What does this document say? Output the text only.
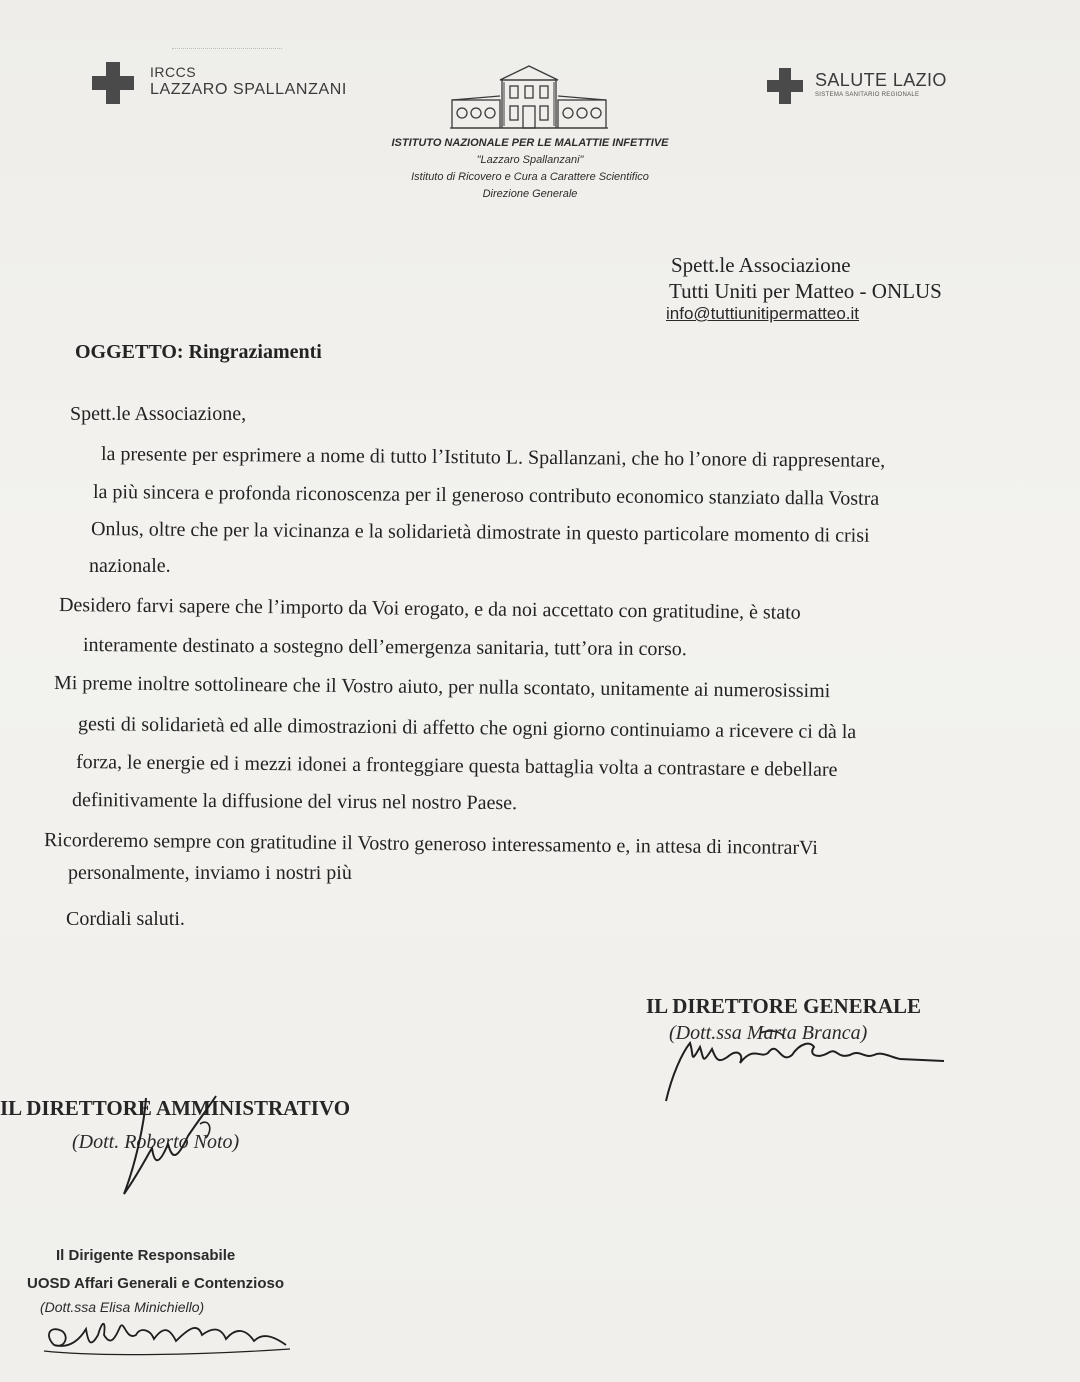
IRCCS
LAZZARO SPALLANZANI	SALUTE LAZIO
SISTEMA SANITARIO REGIONALE
ISTITUTO NAZIONALE PER LE MALATTIE INFETTIVE
"Lazzaro Spallanzani"
Istituto di Ricovero e Cura a Carattere Scientifico
Direzione Generale
Spett.le Associazione
Tutti Uniti per Matteo - ONLUS
info@tuttiunitipermatteo.it
OGGETTO: Ringraziamenti
Spett.le Associazione,
la presente per esprimere a nome di tutto l’Istituto L. Spallanzani, che ho l’onore di rappresentare,
la più sincera e profonda riconoscenza per il generoso contributo economico stanziato dalla Vostra
Onlus, oltre che per la vicinanza e la solidarietà dimostrate in questo particolare momento di crisi
nazionale.
Desidero farvi sapere che l’importo da Voi erogato, e da noi accettato con gratitudine, è stato
interamente destinato a sostegno dell’emergenza sanitaria, tutt’ora in corso.
Mi preme inoltre sottolineare che il Vostro aiuto, per nulla scontato, unitamente ai numerosissimi
gesti di solidarietà ed alle dimostrazioni di affetto che ogni giorno continuiamo a ricevere ci dà la
forza, le energie ed i mezzi idonei a fronteggiare questa battaglia volta a contrastare e debellare
definitivamente la diffusione del virus nel nostro Paese.
Ricorderemo sempre con gratitudine il Vostro generoso interessamento e, in attesa di incontrarVi
personalmente, inviamo i nostri più
Cordiali saluti.
IL DIRETTORE GENERALE
(Dott.ssa Marta Branca)
IL DIRETTORE AMMINISTRATIVO
(Dott. Roberto Noto)
Il Dirigente Responsabile
UOSD Affari Generali e Contenzioso
(Dott.ssa Elisa Minichiello)
